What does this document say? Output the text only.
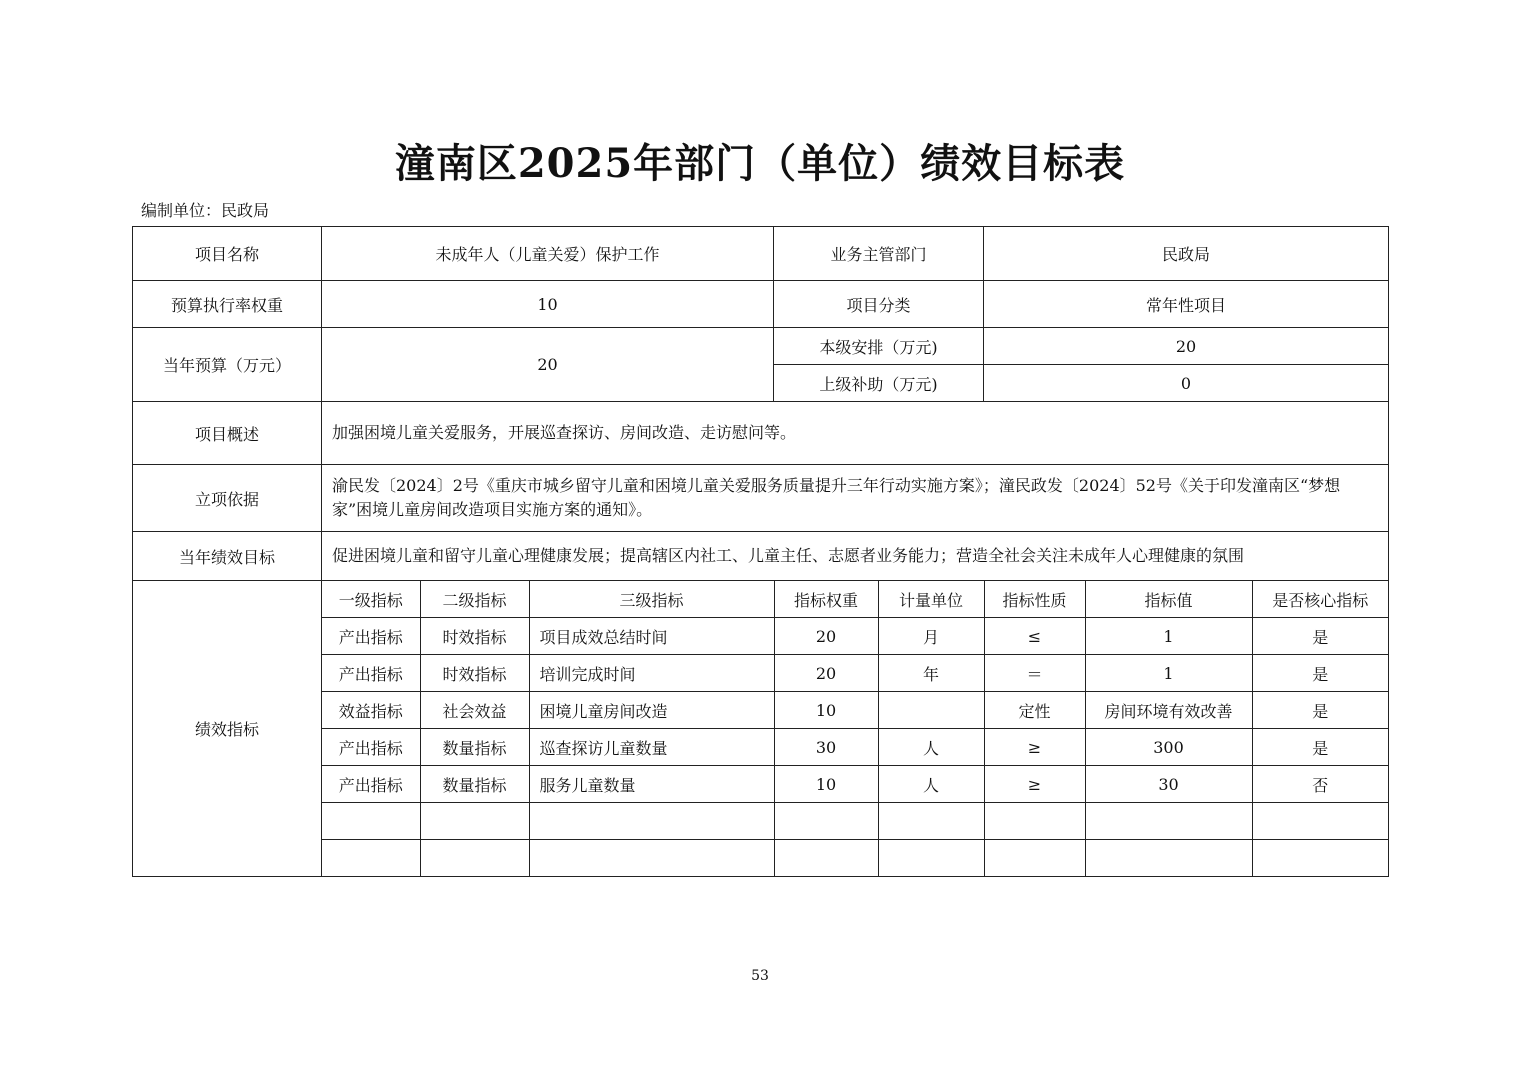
潼南区2025年部门（单位）绩效目标表
编制单位：民政局
项目名称	未成年人（儿童关爱）保护工作	业务主管部门	民政局
预算执行率权重	10	项目分类	常年性项目
当年预算（万元）	20	本级安排（万元)	20
上级补助（万元)	0
项目概述	加强困境儿童关爱服务，开展巡查探访、房间改造、走访慰问等。
立项依据	渝民发〔2024〕2号《重庆市城乡留守儿童和困境儿童关爱服务质量提升三年行动实施方案》；潼民政发〔2024〕52号《关于印发潼南区“梦想家”困境儿童房间改造项目实施方案的通知》。
当年绩效目标	促进困境儿童和留守儿童心理健康发展；提高辖区内社工、儿童主任、志愿者业务能力；营造全社会关注未成年人心理健康的氛围
绩效指标	
一级指标	二级指标	三级指标	指标权重	计量单位	指标性质	指标值	是否核心指标
产出指标	时效指标	项目成效总结时间	20	月	≤	1	是
产出指标	时效指标	培训完成时间	20	年	＝	1	是
效益指标	社会效益	困境儿童房间改造	10		定性	房间环境有效改善	是
产出指标	数量指标	巡查探访儿童数量	30	人	≥	300	是
产出指标	数量指标	服务儿童数量	10	人	≥	30	否

53
